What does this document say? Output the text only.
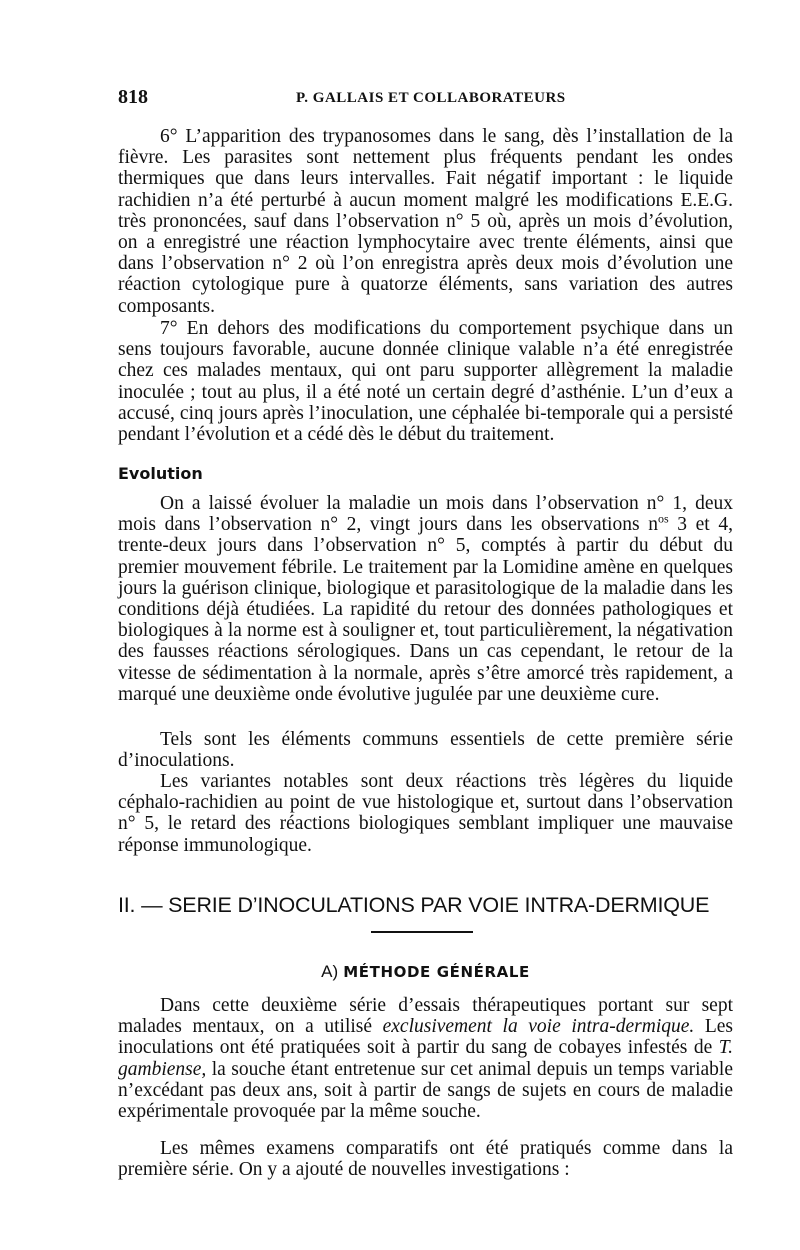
818	P. GALLAIS ET COLLABORATEURS

6° L’apparition des trypanosomes dans le sang, dès l’installation de la fièvre. Les parasites sont nettement plus fréquents pendant les ondes thermiques que dans leurs intervalles. Fait négatif important : le liquide rachidien n’a été perturbé à aucun moment malgré les modifications E.E.G. très prononcées, sauf dans l’observation n° 5 où, après un mois d’évolution, on a enregistré une réaction lymphocytaire avec trente éléments, ainsi que dans l’observation n° 2 où l’on enregistra après deux mois d’évolution une réaction cytologique pure à quatorze éléments, sans variation des autres composants.

7° En dehors des modifications du comportement psychique dans un sens toujours favorable, aucune donnée clinique valable n’a été enregistrée chez ces malades mentaux, qui ont paru supporter allègrement la maladie inoculée ; tout au plus, il a été noté un certain degré d’asthénie. L’un d’eux a accusé, cinq jours après l’inoculation, une céphalée bi-temporale qui a persisté pendant l’évolution et a cédé dès le début du traitement.

Evolution

On a laissé évoluer la maladie un mois dans l’observation n° 1, deux mois dans l’observation n° 2, vingt jours dans les observations $n^{os}$ 3 et 4, trente-deux jours dans l’observation n° 5, comptés à partir du début du premier mouvement fébrile. Le traitement par la Lomidine amène en quelques jours la guérison clinique, biologique et parasitologique de la maladie dans les conditions déjà étudiées. La rapidité du retour des données pathologiques et biologiques à la norme est à souligner et, tout particulièrement, la négativation des fausses réactions sérologiques. Dans un cas cependant, le retour de la vitesse de sédimentation à la normale, après s’être amorcé très rapidement, a marqué une deuxième onde évolutive jugulée par une deuxième cure.

Tels sont les éléments communs essentiels de cette première série d’inoculations.

Les variantes notables sont deux réactions très légères du liquide céphalo-rachidien au point de vue histologique et, surtout dans l’observation n° 5, le retard des réactions biologiques semblant impliquer une mauvaise réponse immunologique.

II. — SERIE D’INOCULATIONS PAR VOIE INTRA-DERMIQUE
A) MÉTHODE GÉNÉRALE

Dans cette deuxième série d’essais thérapeutiques portant sur sept malades mentaux, on a utilisé exclusivement la voie intra-dermique. Les inoculations ont été pratiquées soit à partir du sang de cobayes infestés de T. gambiense, la souche étant entretenue sur cet animal depuis un temps variable n’excédant pas deux ans, soit à partir de sangs de sujets en cours de maladie expérimentale provoquée par la même souche.

Les mêmes examens comparatifs ont été pratiqués comme dans la première série. On y a ajouté de nouvelles investigations :
